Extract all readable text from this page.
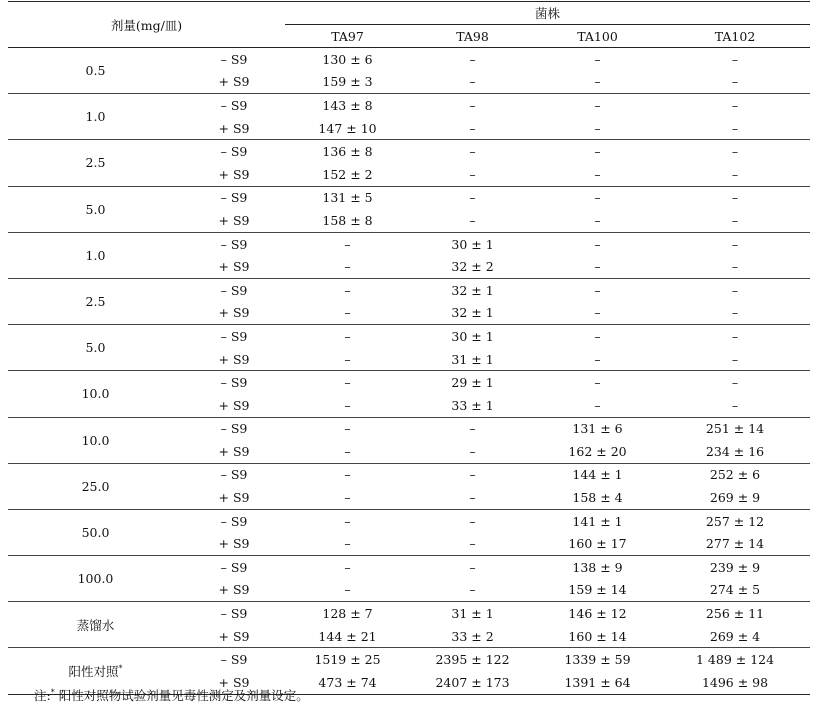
剂量(mg/皿)		菌株			
		TA97	TA98	TA100	TA102
0.5	– S9	130 ± 6	–	–	–
	+ S9	159 ± 3	–	–	–
1.0	– S9	143 ± 8	–	–	–
	+ S9	147 ± 10	–	–	–
2.5	– S9	136 ± 8	–	–	–
	+ S9	152 ± 2	–	–	–
5.0	– S9	131 ± 5	–	–	–
	+ S9	158 ± 8	–	–	–
1.0	– S9	–	30 ± 1	–	–
	+ S9	–	32 ± 2	–	–
2.5	– S9	–	32 ± 1	–	–
	+ S9	–	32 ± 1	–	–
5.0	– S9	–	30 ± 1	–	–
	+ S9	–	31 ± 1	–	–
10.0	– S9	–	29 ± 1	–	–
	+ S9	–	33 ± 1	–	–
10.0	– S9	–	–	131 ± 6	251 ± 14
	+ S9	–	–	162 ± 20	234 ± 16
25.0	– S9	–	–	144 ± 1	252 ± 6
	+ S9	–	–	158 ± 4	269 ± 9
50.0	– S9	–	–	141 ± 1	257 ± 12
	+ S9	–	–	160 ± 17	277 ± 14
100.0	– S9	–	–	138 ± 9	239 ± 9
	+ S9	–	–	159 ± 14	274 ± 5
蒸馏水	– S9	128 ± 7	31 ± 1	146 ± 12	256 ± 11
	+ S9	144 ± 21	33 ± 2	160 ± 14	269 ± 4
阳性对照*	– S9	1519 ± 25	2395 ± 122	1339 ± 59	1 489 ± 124
	+ S9	473 ± 74	2407 ± 173	1391 ± 64	1496 ± 98
注:* 阳性对照物试验剂量见毒性测定及剂量设定。
